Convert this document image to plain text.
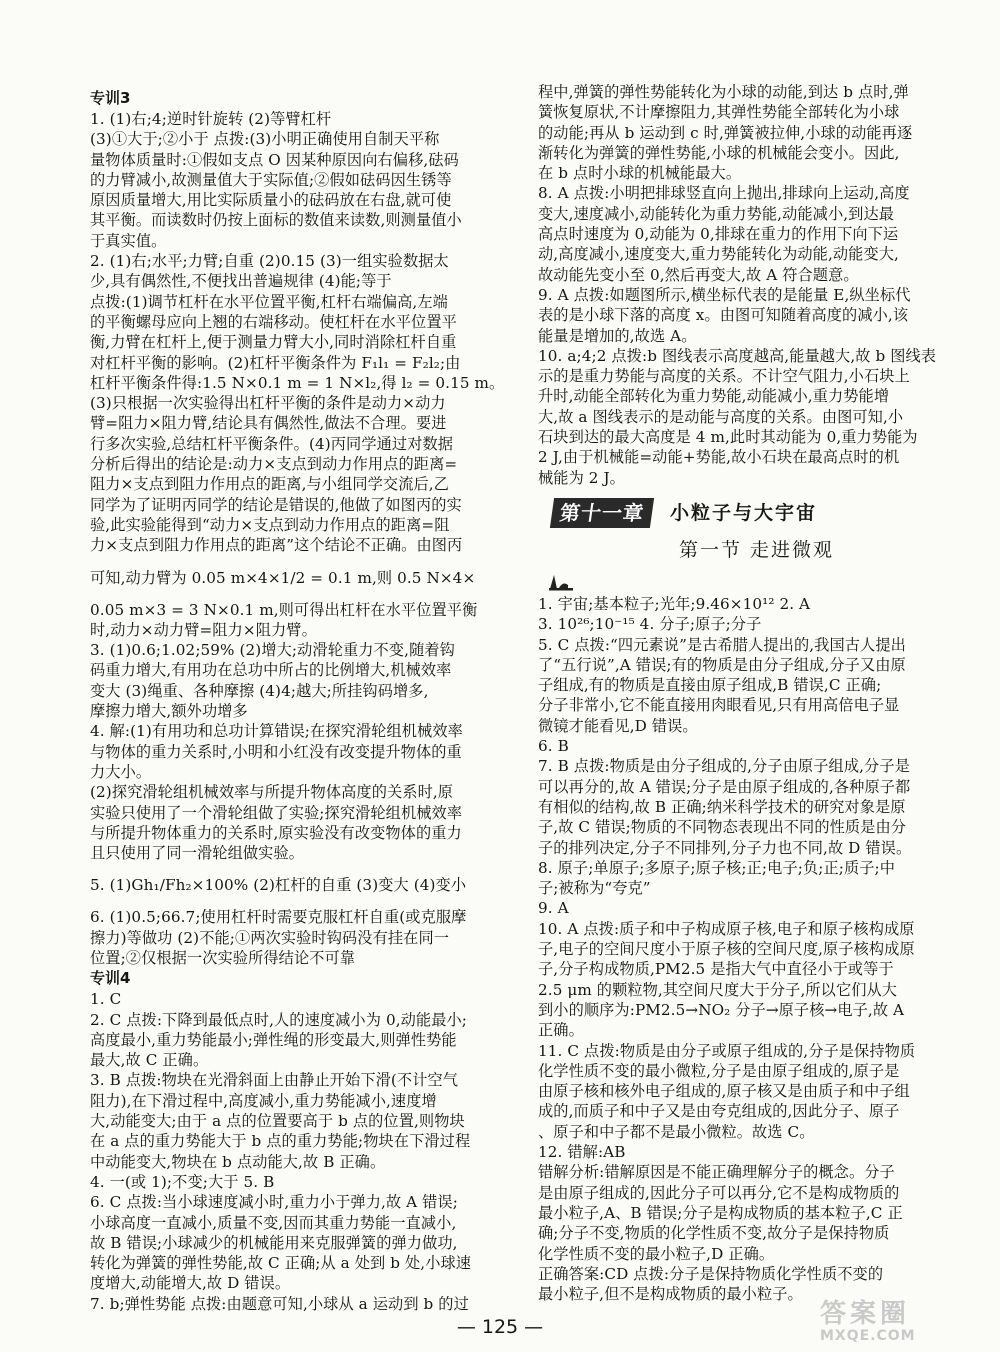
专训3
1. (1)右;4;逆时针旋转 (2)等臂杠杆
(3)①大于;②小于 点拨:(3)小明正确使用自制天平称
量物体质量时:①假如支点 O 因某种原因向右偏移,砝码
的力臂减小,故测量值大于实际值;②假如砝码因生锈等
原因质量增大,用比实际质量小的砝码放在右盘,就可使
其平衡。而读数时仍按上面标的数值来读数,则测量值小
于真实值。
2. (1)右;水平;力臂;自重 (2)0.15 (3)一组实验数据太
少,具有偶然性,不便找出普遍规律 (4)能;等于
点拨:(1)调节杠杆在水平位置平衡,杠杆右端偏高,左端
的平衡螺母应向上翘的右端移动。使杠杆在水平位置平
衡,力臂在杠杆上,便于测量力臂大小,同时消除杠杆自重
对杠杆平衡的影响。(2)杠杆平衡条件为 F₁l₁ = F₂l₂;由
杠杆平衡条件得:1.5 N×0.1 m = 1 N×l₂,得 l₂ = 0.15 m。
(3)只根据一次实验得出杠杆平衡的条件是动力×动力
臂=阻力×阻力臂,结论具有偶然性,做法不合理。要进
行多次实验,总结杠杆平衡条件。(4)丙同学通过对数据
分析后得出的结论是:动力×支点到动力作用点的距离=
阻力×支点到阻力作用点的距离,与小组同学交流后,乙
同学为了证明丙同学的结论是错误的,他做了如图丙的实
验,此实验能得到“动力×支点到动力作用点的距离=阻
力×支点到阻力作用点的距离”这个结论不正确。由图丙
可知,动力臂为 0.05 m×4×1/2 = 0.1 m,则 0.5 N×4×
0.05 m×3 = 3 N×0.1 m,则可得出杠杆在水平位置平衡
时,动力×动力臂=阻力×阻力臂。
3. (1)0.6;1.02;59% (2)增大;动滑轮重力不变,随着钩
码重力增大,有用功在总功中所占的比例增大,机械效率
变大 (3)绳重、各种摩擦 (4)4;越大;所挂钩码增多,
摩擦力增大,额外功增多
4. 解:(1)有用功和总功计算错误;在探究滑轮组机械效率
与物体的重力关系时,小明和小红没有改变提升物体的重
力大小。
(2)探究滑轮组机械效率与所提升物体高度的关系时,原
实验只使用了一个滑轮组做了实验;探究滑轮组机械效率
与所提升物体重力的关系时,原实验没有改变物体的重力
且只使用了同一滑轮组做实验。
5. (1)Gh₁/Fh₂×100% (2)杠杆的自重 (3)变大 (4)变小
6. (1)0.5;66.7;使用杠杆时需要克服杠杆自重(或克服摩
擦力)等做功 (2)不能;①两次实验时钩码没有挂在同一
位置;②仅根据一次实验所得结论不可靠
专训4
1. C
2. C 点拨:下降到最低点时,人的速度减小为 0,动能最小;
高度最小,重力势能最小;弹性绳的形变最大,则弹性势能
最大,故 C 正确。
3. B 点拨:物块在光滑斜面上由静止开始下滑(不计空气
阻力),在下滑过程中,高度减小,重力势能减小,速度增
大,动能变大;由于 a 点的位置要高于 b 点的位置,则物块
在 a 点的重力势能大于 b 点的重力势能;物块在下滑过程
中动能变大,物块在 b 点动能大,故 B 正确。
4. 一(或 1);不变;大于 5. B
6. C 点拨:当小球速度减小时,重力小于弹力,故 A 错误;
小球高度一直减小,质量不变,因而其重力势能一直减小,
故 B 错误;小球减少的机械能用来克服弹簧的弹力做功,
转化为弹簧的弹性势能,故 C 正确;从 a 处到 b 处,小球速
度增大,动能增大,故 D 错误。
7. b;弹性势能 点拨:由题意可知,小球从 a 运动到 b 的过
程中,弹簧的弹性势能转化为小球的动能,到达 b 点时,弹
簧恢复原状,不计摩擦阻力,其弹性势能全部转化为小球
的动能;再从 b 运动到 c 时,弹簧被拉伸,小球的动能再逐
渐转化为弹簧的弹性势能,小球的机械能会变小。因此,
在 b 点时小球的机械能最大。
8. A 点拨:小明把排球竖直向上抛出,排球向上运动,高度
变大,速度减小,动能转化为重力势能,动能减小,到达最
高点时速度为 0,动能为 0,排球在重力的作用下向下运
动,高度减小,速度变大,重力势能转化为动能,动能变大,
故动能先变小至 0,然后再变大,故 A 符合题意。
9. A 点拨:如题图所示,横坐标代表的是能量 E,纵坐标代
表的是小球下落的高度 x。由图可知随着高度的减小,该
能量是增加的,故选 A。
10. a;4;2 点拨:b 图线表示高度越高,能量越大,故 b 图线表
示的是重力势能与高度的关系。不计空气阻力,小石块上
升时,动能全部转化为重力势能,动能减小,重力势能增
大,故 a 图线表示的是动能与高度的关系。由图可知,小
石块到达的最大高度是 4 m,此时其动能为 0,重力势能为
2 J,由于机械能=动能+势能,故小石块在最高点时的机
械能为 2 J。
第十一章	小粒子与大宇宙
第一节 走进微观
1. 宇宙;基本粒子;光年;9.46×10¹² 2. A
3. 10²⁶;10⁻¹⁵ 4. 分子;原子;分子
5. C 点拨:“四元素说”是古希腊人提出的,我国古人提出
了“五行说”,A 错误;有的物质是由分子组成,分子又由原
子组成,有的物质是直接由原子组成,B 错误,C 正确;
分子非常小,它不能直接用肉眼看见,只有用高倍电子显
微镜才能看见,D 错误。
6. B
7. B 点拨:物质是由分子组成的,分子由原子组成,分子是
可以再分的,故 A 错误;分子是由原子组成的,各种原子都
有相似的结构,故 B 正确;纳米科学技术的研究对象是原
子,故 C 错误;物质的不同物态表现出不同的性质是由分
子的排列决定,分子不同排列,分子力也不同,故 D 错误。
8. 原子;单原子;多原子;原子核;正;电子;负;正;质子;中
子;被称为“夸克”
9. A
10. A 点拨:质子和中子构成原子核,电子和原子核构成原
子,电子的空间尺度小于原子核的空间尺度,原子核构成原
子,分子构成物质,PM2.5 是指大气中直径小于或等于
2.5 μm 的颗粒物,其空间尺度大于分子,所以它们从大
到小的顺序为:PM2.5→NO₂ 分子→原子核→电子,故 A
正确。
11. C 点拨:物质是由分子或原子组成的,分子是保持物质
化学性质不变的最小微粒,分子是由原子组成的,原子是
由原子核和核外电子组成的,原子核又是由质子和中子组
成的,而质子和中子又是由夸克组成的,因此分子、原子
、原子和中子都不是最小微粒。故选 C。
12. 错解:AB
错解分析:错解原因是不能正确理解分子的概念。分子
是由原子组成的,因此分子可以再分,它不是构成物质的
最小粒子,A、B 错误;分子是构成物质的基本粒子,C 正
确;分子不变,物质的化学性质不变,故分子是保持物质
化学性质不变的最小粒子,D 正确。
正确答案:CD 点拨:分子是保持物质化学性质不变的
最小粒子,但不是构成物质的最小粒子。
— 125 —	答案圈
MXQE.COM
